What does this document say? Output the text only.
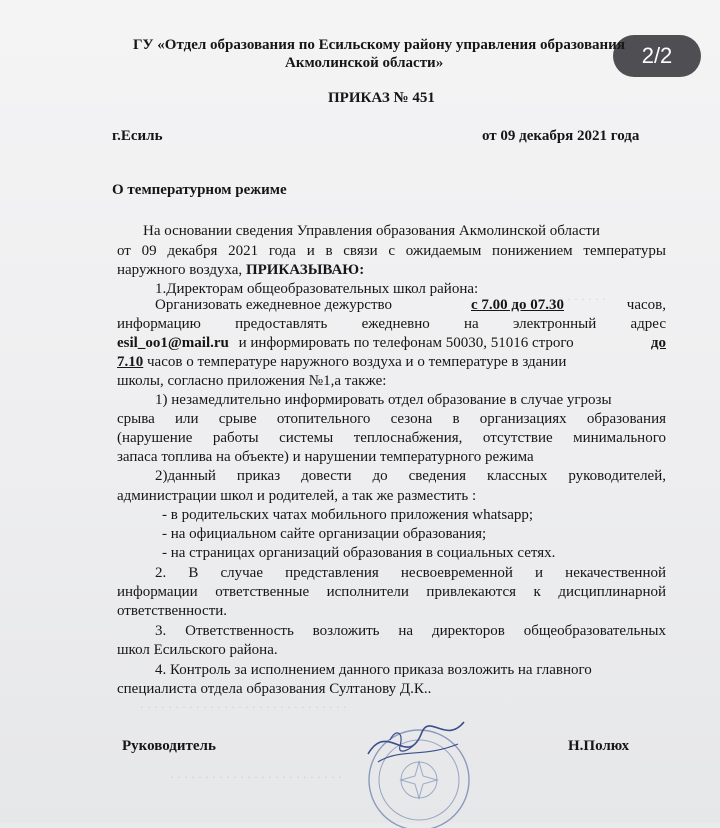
2/2
ГУ «Отдел образования по Есильскому району управления образования
Акмолинской области»
ПРИКАЗ № 451
г.Есиль	от 09 декабря 2021 года
О температурном режиме
На основании сведения Управления образования Акмолинской области
от 09 декабря 2021 года и в связи с ожидаемым понижением температуры
наружного воздуха, ПРИКАЗЫВАЮ:
1.Директорам общеобразовательных школ района:
Организовать ежедневное дежурство	с 7.00 до 07.30	часов,
информацию предоставлять ежедневно на электронный адрес
esil_oo1@mail.ru и информировать по телефонам 50030, 51016 строго	до
7.10 часов о температуре наружного воздуха и о температуре в здании
школы, согласно приложения №1,а также:
1) незамедлительно информировать отдел образование в случае угрозы
срыва или срыве отопительного сезона в организациях образования
(нарушение работы системы теплоснабжения, отсутствие минимального
запаса топлива на объекте) и нарушении температурного режима
2)данный приказ довести до сведения классных руководителей,
администрации школ и родителей, а так же разместить :
- в родительских чатах мобильного приложения whatsapp;
- на официальном сайте организации образования;
- на страницах организаций образования в социальных сетях.
2. В случае представления несвоевременной и некачественной
информации ответственные исполнители привлекаются к дисциплинарной
ответственности.
3. Ответственность возложить на директоров общеобразовательных
школ Есильского района.
4. Контроль за исполнением данного приказа возложить на главного
специалиста отдела образования Султанову Д.К..
Руководитель	Н.Полюх
· · · · · · ·
· · · · · · · · · · · · · · · · · · · · · · · · · · · · · ·
· · · · · · · · · · · · · · · · · · · · · · · · ·
